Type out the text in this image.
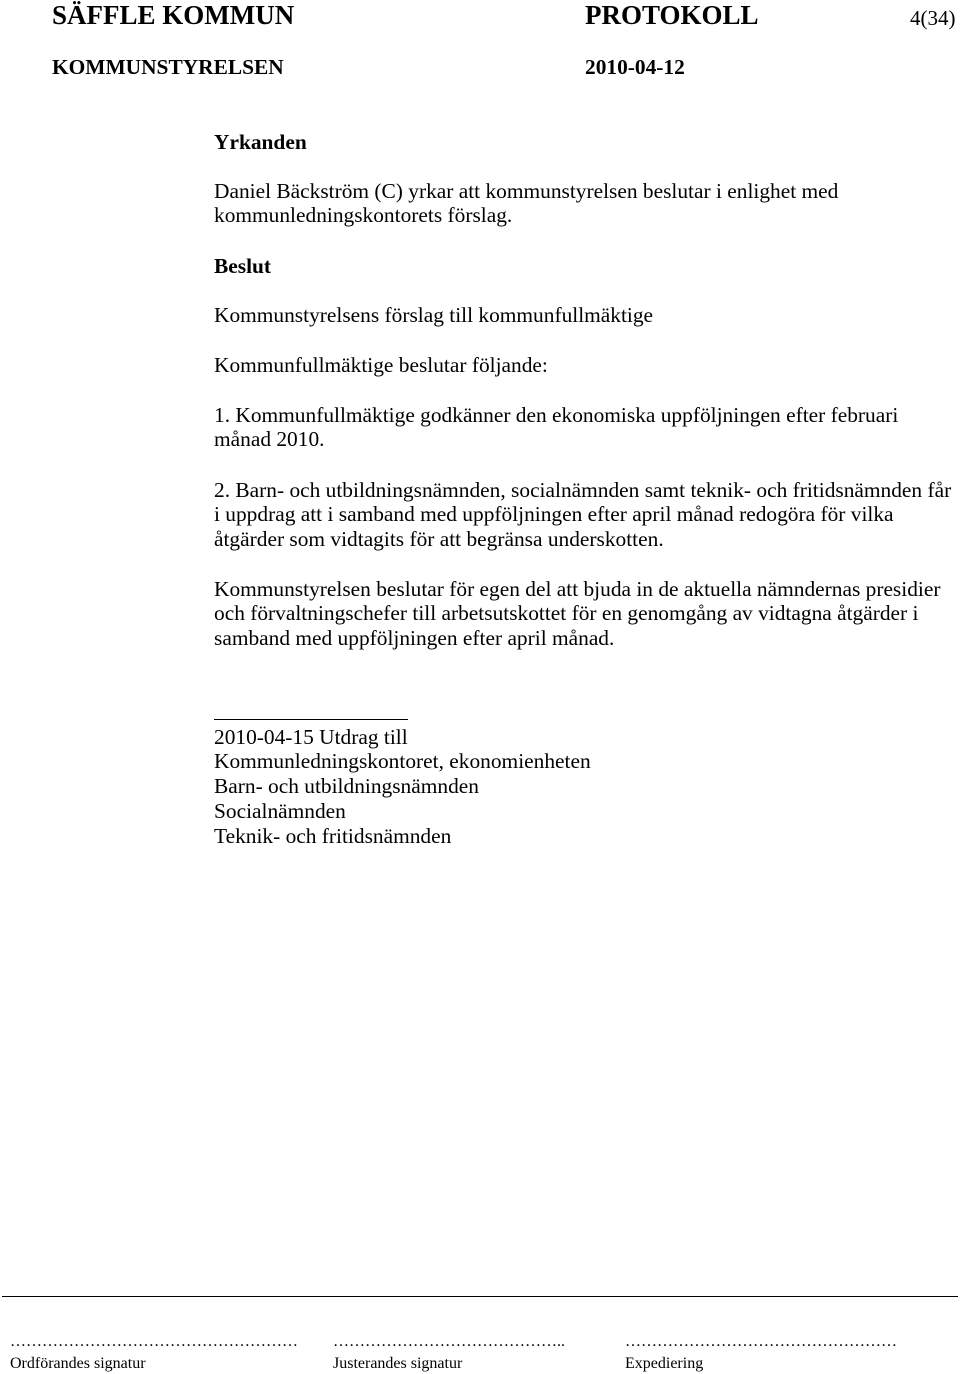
SÄFFLE KOMMUN	PROTOKOLL	4(34)
KOMMUNSTYRELSEN	2010-04-12
Yrkanden
Daniel Bäckström (C) yrkar att kommunstyrelsen beslutar i enlighet med
kommunledningskontorets förslag.
Beslut
Kommunstyrelsens förslag till kommunfullmäktige
Kommunfullmäktige beslutar följande:
1. Kommunfullmäktige godkänner den ekonomiska uppföljningen efter februari
månad 2010.
2. Barn- och utbildningsnämnden, socialnämnden samt teknik- och fritidsnämnden får
i uppdrag att i samband med uppföljningen efter april månad redogöra för vilka
åtgärder som vidtagits för att begränsa underskotten.
Kommunstyrelsen beslutar för egen del att bjuda in de aktuella nämndernas presidier
och förvaltningschefer till arbetsutskottet för en genomgång av vidtagna åtgärder i
samband med uppföljningen efter april månad.
2010-04-15 Utdrag till
Kommunledningskontoret, ekonomienheten
Barn- och utbildningsnämnden
Socialnämnden
Teknik- och fritidsnämnden
……………………………………………… ……………………………………..	……………………………………………
Ordförandes signatur	Justerandes signatur	Expediering
